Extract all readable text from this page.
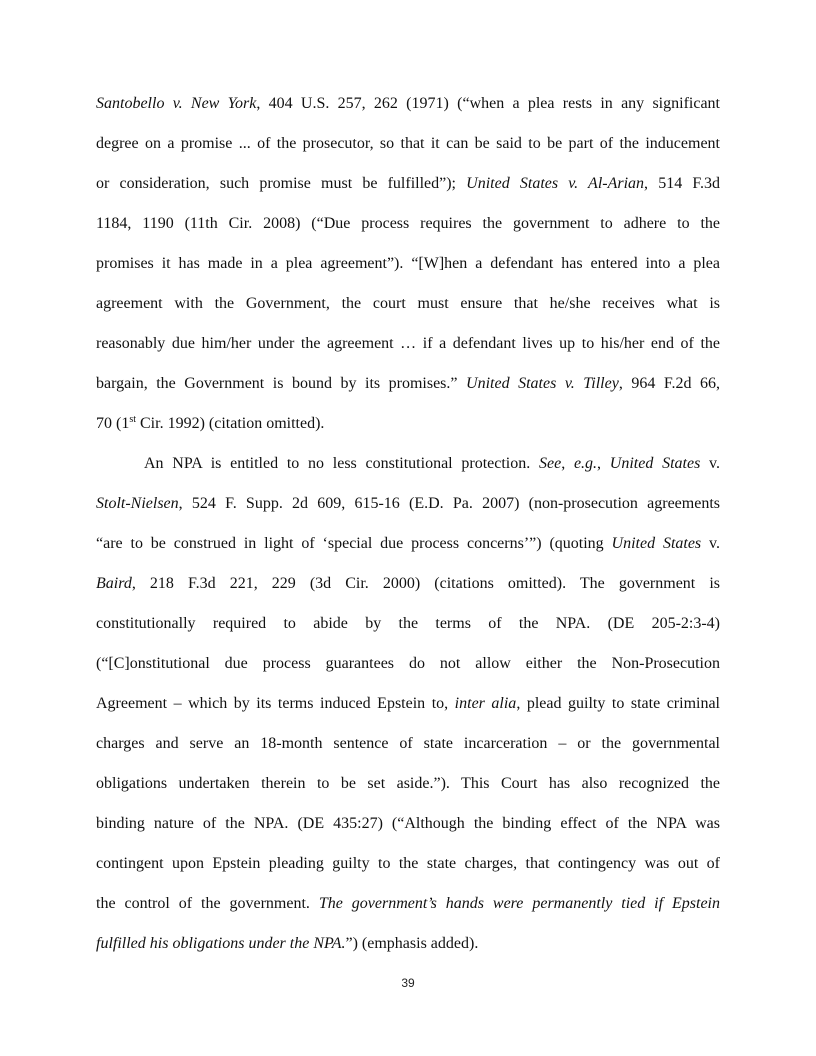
Santobello v. New York, 404 U.S. 257, 262 (1971) (“when a plea rests in any significant
degree on a promise ... of the prosecutor, so that it can be said to be part of the inducement
or consideration, such promise must be fulfilled”); United States v. Al-Arian, 514 F.3d
1184, 1190 (11th Cir. 2008) (“Due process requires the government to adhere to the
promises it has made in a plea agreement”). “[W]hen a defendant has entered into a plea
agreement with the Government, the court must ensure that he/she receives what is
reasonably due him/her under the agreement … if a defendant lives up to his/her end of the
bargain, the Government is bound by its promises.” United States v. Tilley, 964 F.2d 66,
70 (1st Cir. 1992) (citation omitted).
An NPA is entitled to no less constitutional protection. See, e.g., United States v.
Stolt-Nielsen, 524 F. Supp. 2d 609, 615-16 (E.D. Pa. 2007) (non-prosecution agreements
“are to be construed in light of ‘special due process concerns’”) (quoting United States v.
Baird, 218 F.3d 221, 229 (3d Cir. 2000) (citations omitted). The government is
constitutionally required to abide by the terms of the NPA. (DE 205-2:3-4)
(“[C]onstitutional due process guarantees do not allow either the Non-Prosecution
Agreement – which by its terms induced Epstein to, inter alia, plead guilty to state criminal
charges and serve an 18-month sentence of state incarceration – or the governmental
obligations undertaken therein to be set aside.”). This Court has also recognized the
binding nature of the NPA. (DE 435:27) (“Although the binding effect of the NPA was
contingent upon Epstein pleading guilty to the state charges, that contingency was out of
the control of the government. The government’s hands were permanently tied if Epstein
fulfilled his obligations under the NPA.”) (emphasis added).
39
